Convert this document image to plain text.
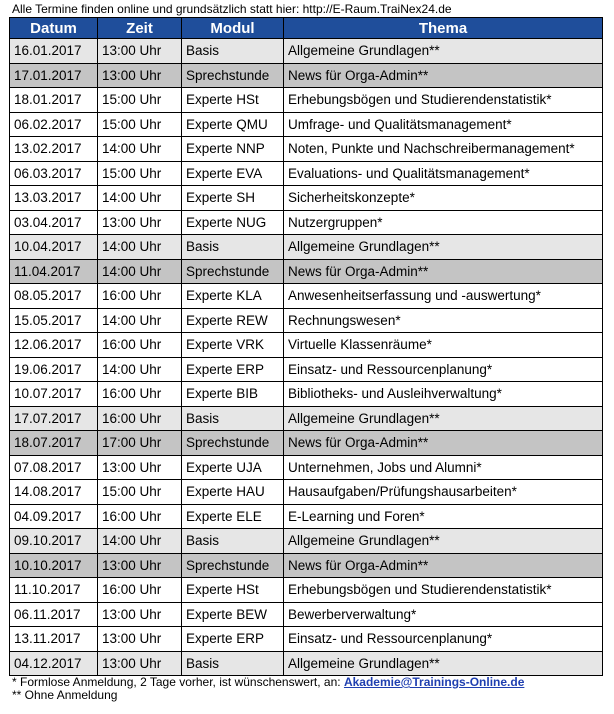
Alle Termine finden online und grundsätzlich statt hier: http://E-Raum.TraiNex24.de
Datum	Zeit	Modul	Thema
16.01.2017	13:00 Uhr	Basis	Allgemeine Grundlagen**
17.01.2017	13:00 Uhr	Sprechstunde	News für Orga-Admin**
18.01.2017	15:00 Uhr	Experte HSt	Erhebungsbögen und Studierendenstatistik*
06.02.2017	15:00 Uhr	Experte QMU	Umfrage- und Qualitätsmanagement*
13.02.2017	14:00 Uhr	Experte NNP	Noten, Punkte und Nachschreibermanagement*
06.03.2017	15:00 Uhr	Experte EVA	Evaluations- und Qualitätsmanagement*
13.03.2017	14:00 Uhr	Experte SH	Sicherheitskonzepte*
03.04.2017	13:00 Uhr	Experte NUG	Nutzergruppen*
10.04.2017	14:00 Uhr	Basis	Allgemeine Grundlagen**
11.04.2017	14:00 Uhr	Sprechstunde	News für Orga-Admin**
08.05.2017	16:00 Uhr	Experte KLA	Anwesenheitserfassung und -auswertung*
15.05.2017	14:00 Uhr	Experte REW	Rechnungswesen*
12.06.2017	16:00 Uhr	Experte VRK	Virtuelle Klassenräume*
19.06.2017	14:00 Uhr	Experte ERP	Einsatz- und Ressourcenplanung*
10.07.2017	16:00 Uhr	Experte BIB	Bibliotheks- und Ausleihverwaltung*
17.07.2017	16:00 Uhr	Basis	Allgemeine Grundlagen**
18.07.2017	17:00 Uhr	Sprechstunde	News für Orga-Admin**
07.08.2017	13:00 Uhr	Experte UJA	Unternehmen, Jobs und Alumni*
14.08.2017	15:00 Uhr	Experte HAU	Hausaufgaben/Prüfungshausarbeiten*
04.09.2017	16:00 Uhr	Experte ELE	E-Learning und Foren*
09.10.2017	14:00 Uhr	Basis	Allgemeine Grundlagen**
10.10.2017	13:00 Uhr	Sprechstunde	News für Orga-Admin**
11.10.2017	16:00 Uhr	Experte HSt	Erhebungsbögen und Studierendenstatistik*
06.11.2017	13:00 Uhr	Experte BEW	Bewerberverwaltung*
13.11.2017	13:00 Uhr	Experte ERP	Einsatz- und Ressourcenplanung*
04.12.2017	13:00 Uhr	Basis	Allgemeine Grundlagen**
* Formlose Anmeldung, 2 Tage vorher, ist wünschenswert, an: Akademie@Trainings-Online.de
** Ohne Anmeldung
